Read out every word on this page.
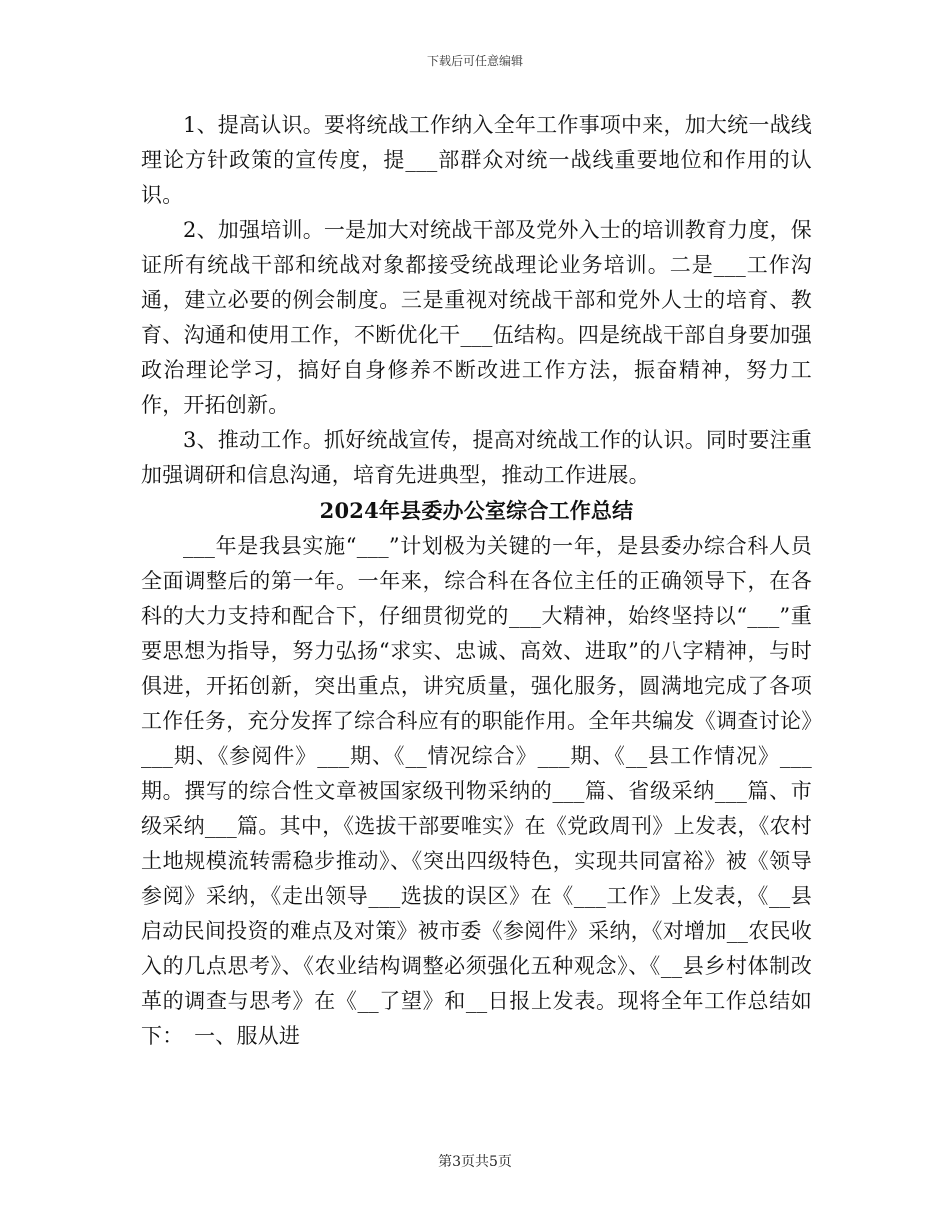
下载后可任意编辑

1、提高认识。要将统战工作纳入全年工作事项中来，加大统一战线理论方针政策的宣传度，提___部群众对统一战线重要地位和作用的认识。

2、加强培训。一是加大对统战干部及党外入士的培训教育力度，保证所有统战干部和统战对象都接受统战理论业务培训。二是___工作沟通，建立必要的例会制度。三是重视对统战干部和党外人士的培育、教育、沟通和使用工作，不断优化干___伍结构。四是统战干部自身要加强政治理论学习，搞好自身修养不断改进工作方法，振奋精神，努力工作，开拓创新。

3、推动工作。抓好统战宣传，提高对统战工作的认识。同时要注重加强调研和信息沟通，培育先进典型，推动工作进展。

2024年县委办公室综合工作总结

___年是我县实施“___”计划极为关键的一年，是县委办综合科人员全面调整后的第一年。一年来，综合科在各位主任的正确领导下，在各科的大力支持和配合下，仔细贯彻党的___大精神，始终坚持以“___”重要思想为指导，努力弘扬“求实、忠诚、高效、进取”的八字精神，与时俱进，开拓创新，突出重点，讲究质量，强化服务，圆满地完成了各项工作任务，充分发挥了综合科应有的职能作用。全年共编发《调查讨论》___期、《参阅件》___期、《__情况综合》___期、《__县工作情况》___期。撰写的综合性文章被国家级刊物采纳的___篇、省级采纳___篇、市级采纳___篇。其中，《选拔干部要唯实》在《党政周刊》上发表，《农村土地规模流转需稳步推动》、《突出四级特色，实现共同富裕》被《领导参阅》采纳，《走出领导___选拔的误区》在《___工作》上发表，《__县启动民间投资的难点及对策》被市委《参阅件》采纳，《对增加__农民收入的几点思考》、《农业结构调整必须强化五种观念》、《__县乡村体制改革的调查与思考》在《__了望》和__日报上发表。现将全年工作总结如下：　一、服从进

第3页共5页
